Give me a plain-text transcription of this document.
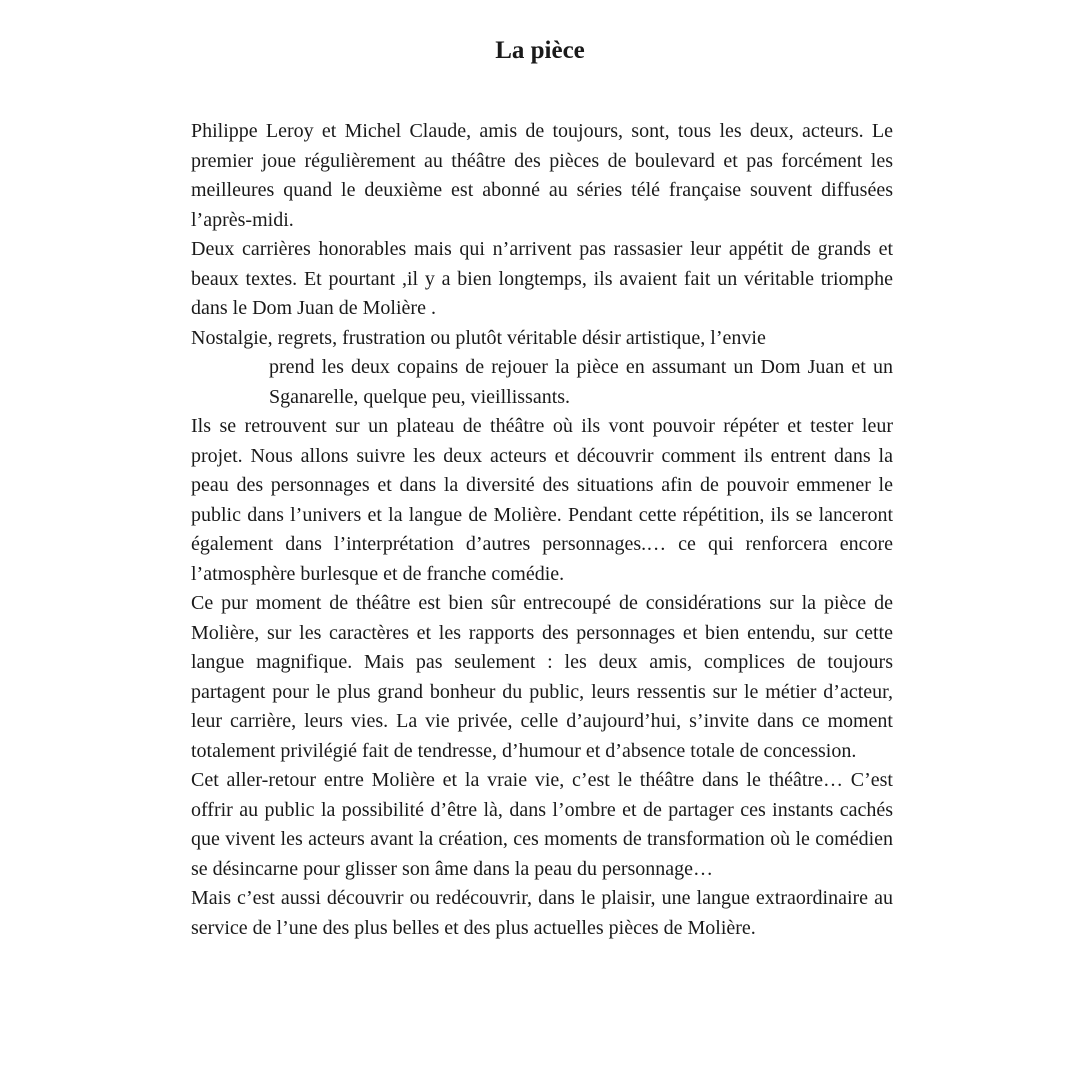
La pièce

Philippe Leroy et Michel Claude, amis de toujours, sont, tous les deux, acteurs. Le premier joue régulièrement au théâtre des pièces de boulevard et pas forcément les meilleures quand le deuxième est abonné au séries télé française souvent diffusées l’après-midi.

Deux carrières honorables mais qui n’arrivent pas rassasier leur appétit de grands et beaux textes. Et pourtant ,il y a bien longtemps, ils avaient fait un véritable triomphe dans le Dom Juan de Molière .

Nostalgie, regrets, frustration ou plutôt véritable désir artistique, l’envie
prend les deux copains de rejouer la pièce en assumant un Dom Juan et un Sganarelle, quelque peu, vieillissants.

Ils se retrouvent sur un plateau de théâtre où ils vont pouvoir répéter et tester leur projet. Nous allons suivre les deux acteurs et découvrir comment ils entrent dans la peau des personnages et dans la diversité des situations afin de pouvoir emmener le public dans l’univers et la langue de Molière. Pendant cette répétition, ils se lanceront également dans l’interprétation d’autres personnages.… ce qui renforcera encore l’atmosphère burlesque et de franche comédie.

Ce pur moment de théâtre est bien sûr entrecoupé de considérations sur la pièce de Molière, sur les caractères et les rapports des personnages et bien entendu, sur cette langue magnifique. Mais pas seulement : les deux amis, complices de toujours partagent pour le plus grand bonheur du public, leurs ressentis sur le métier d’acteur, leur carrière, leurs vies. La vie privée, celle d’aujourd’hui, s’invite dans ce moment totalement privilégié fait de tendresse, d’humour et d’absence totale de concession.

Cet aller-retour entre Molière et la vraie vie, c’est le théâtre dans le théâtre… C’est offrir au public la possibilité d’être là, dans l’ombre et de partager ces instants cachés que vivent les acteurs avant la création, ces moments de transformation où le comédien se désincarne pour glisser son âme dans la peau du personnage…

Mais c’est aussi découvrir ou redécouvrir, dans le plaisir, une langue extraordinaire au service de l’une des plus belles et des plus actuelles pièces de Molière.
